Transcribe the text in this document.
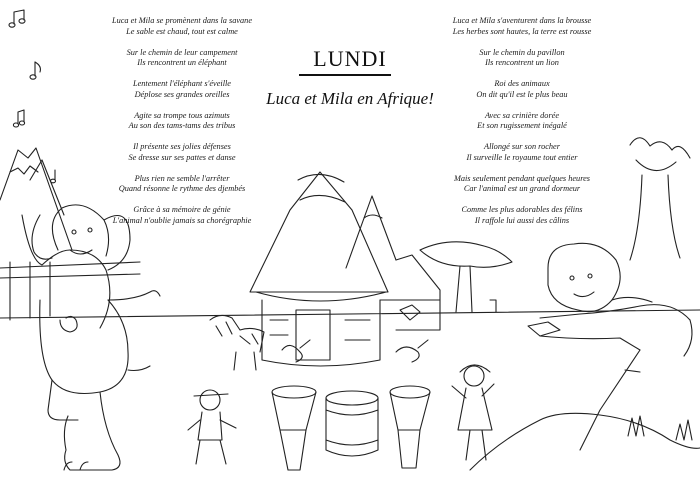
Luca et Mila se promènent dans la savane
Le sable est chaud, tout est calme
Sur le chemin de leur campement
Ils rencontrent un éléphant
Lentement l'éléphant s'éveille
Déplose ses grandes oreilles
Agite sa trompe tous azimuts
Au son des tams-tams des tribus
Il présente ses jolies défenses
Se dresse sur ses pattes et danse
Plus rien ne semble l'arrêter
Quand résonne le rythme des djembés
Grâce à sa mémoire de génie
L'animal n'oublie jamais sa chorégraphie
LUNDI
Luca et Mila en Afrique!
Luca et Mila s'aventurent dans la brousse
Les herbes sont hautes, la terre est rousse
Sur le chemin du pavillon
Ils rencontrent un lion
Roi des animaux
On dit qu'il est le plus beau
Avec sa crinière dorée
Et son rugissement inégalé
Allongé sur son rocher
Il surveille le royaume tout entier
Mais seulement pendant quelques heures
Car l'animal est un grand dormeur
Comme les plus adorables des félins
Il raffole lui aussi des câlins
